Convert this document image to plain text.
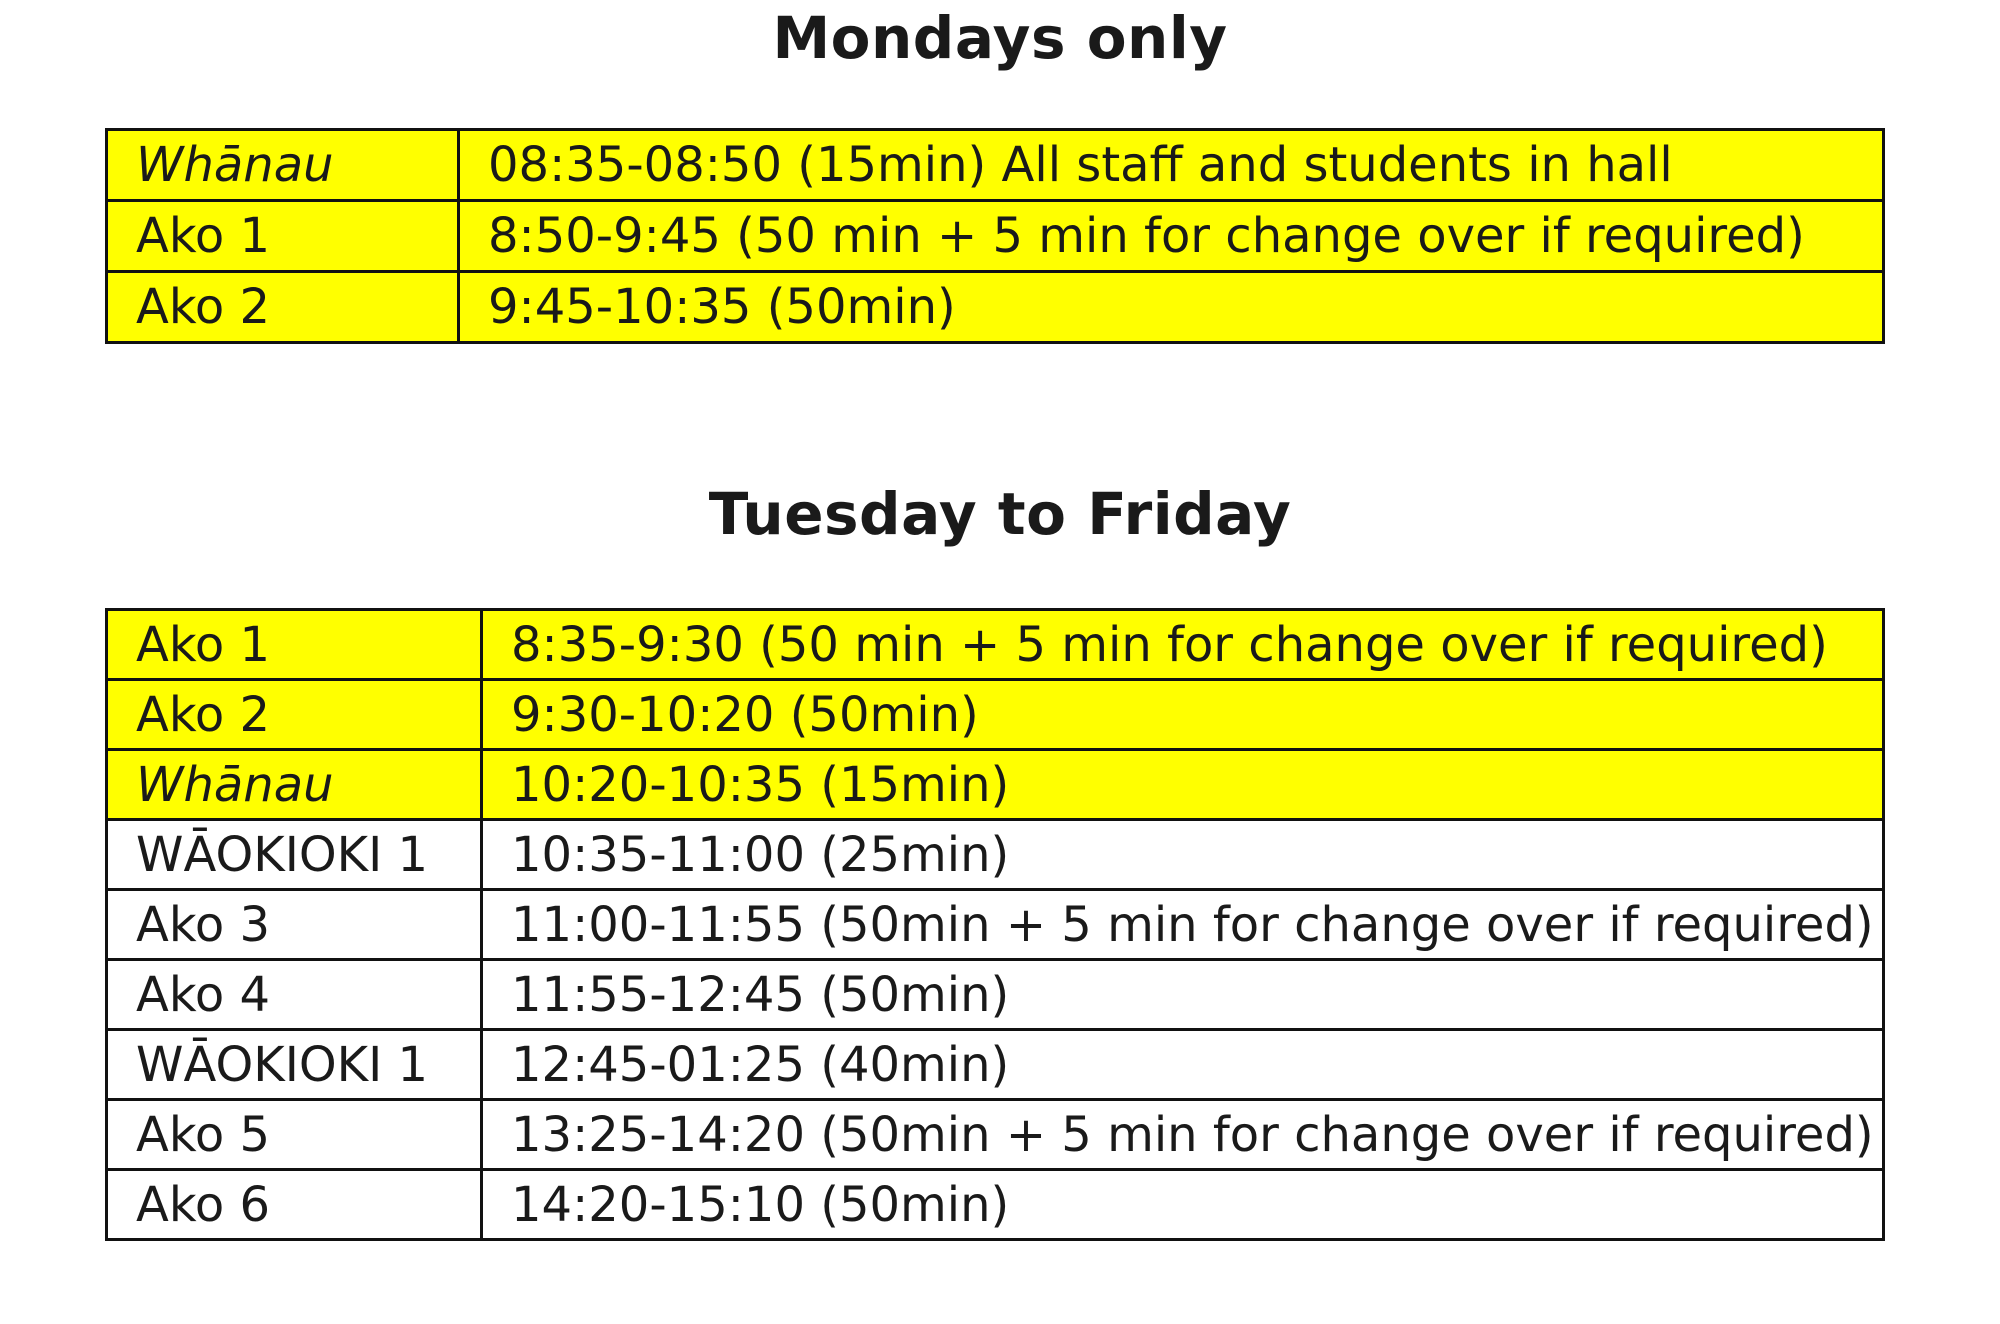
Mondays only
Whānau	08:35-08:50 (15min) All staff and students in hall
Ako 1	8:50-9:45 (50 min + 5 min for change over if required)
Ako 2	9:45-10:35 (50min)
Tuesday to Friday
Ako 1	8:35-9:30 (50 min + 5 min for change over if required)
Ako 2	9:30-10:20 (50min)
Whānau	10:20-10:35 (15min)
WĀOKIOKI 1	10:35-11:00 (25min)
Ako 3	11:00-11:55 (50min + 5 min for change over if required)
Ako 4	11:55-12:45 (50min)
WĀOKIOKI 1	12:45-01:25 (40min)
Ako 5	13:25-14:20 (50min + 5 min for change over if required)
Ako 6	14:20-15:10 (50min)
